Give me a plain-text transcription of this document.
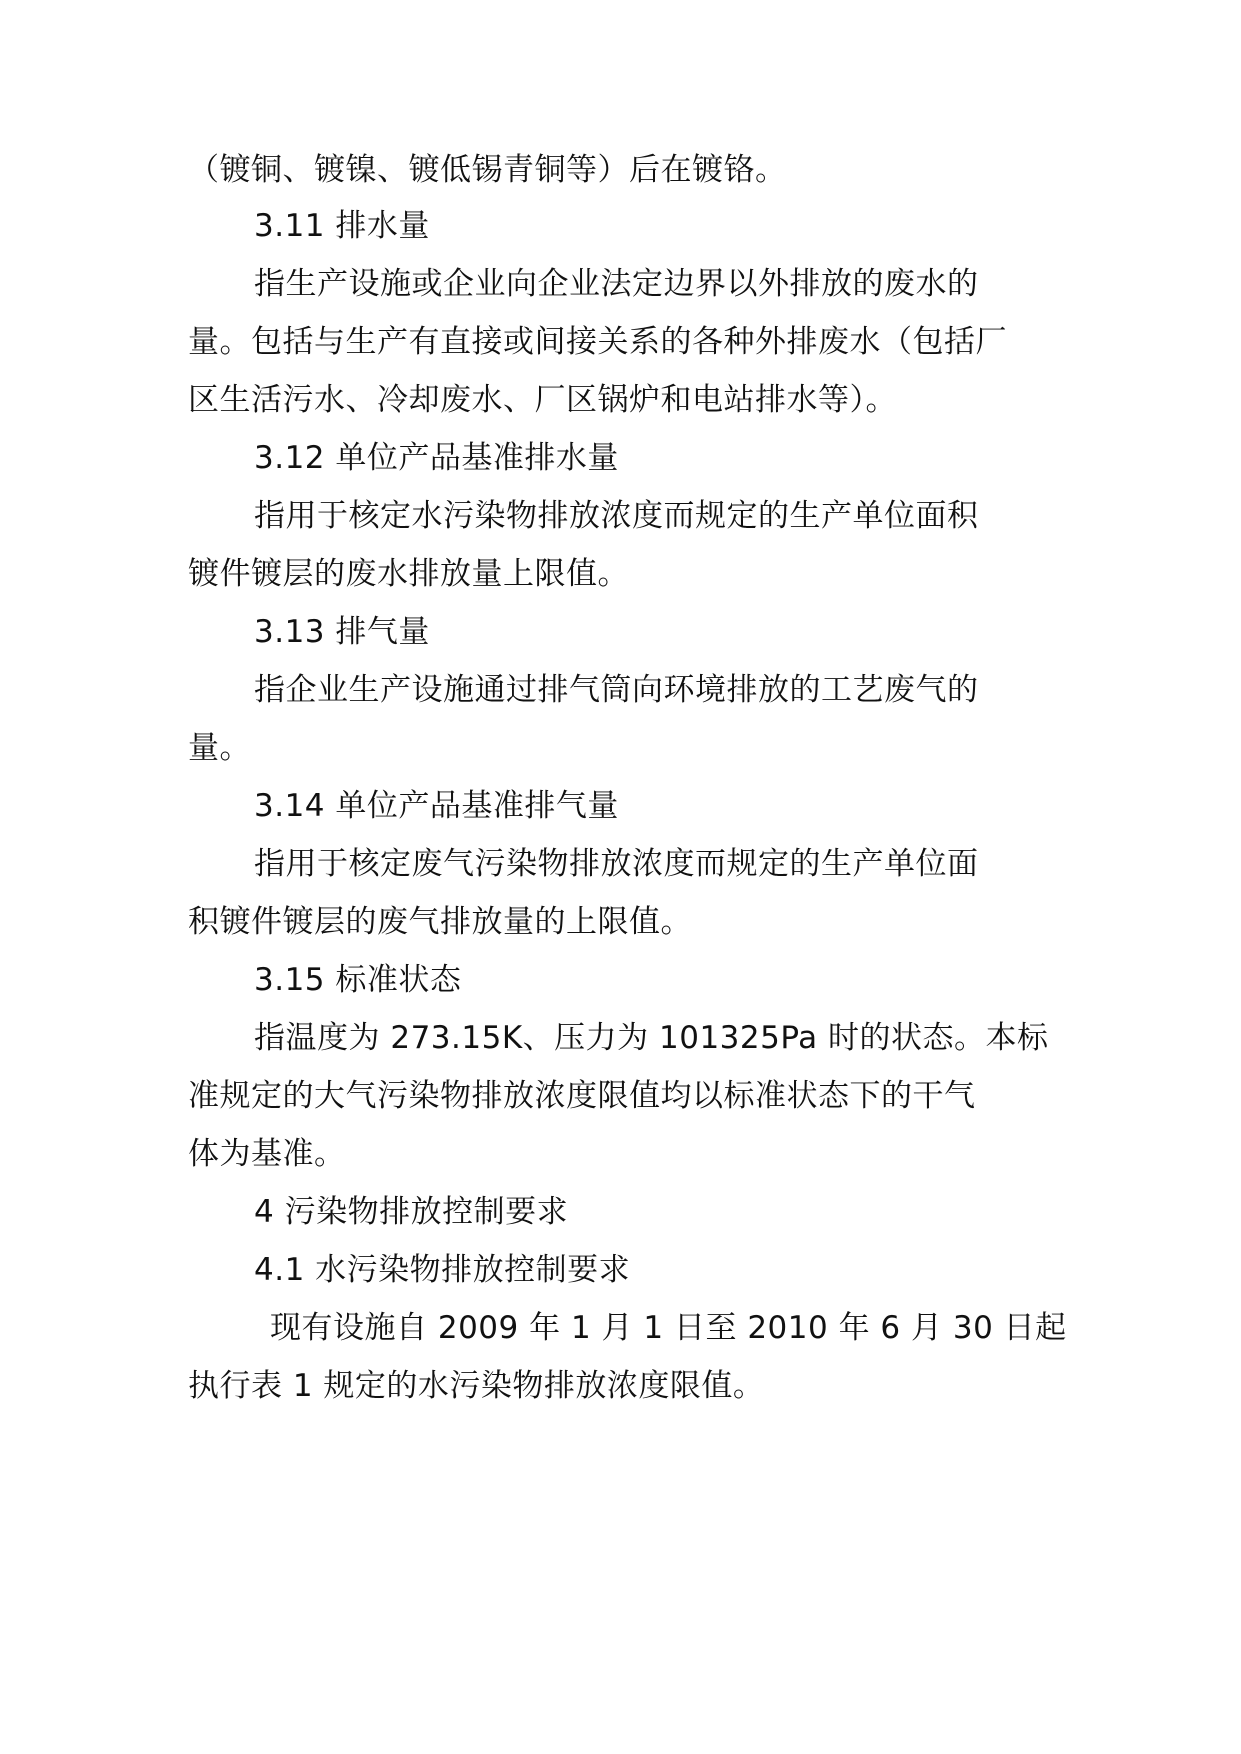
（镀铜、镀镍、镀低锡青铜等）后在镀铬。
3.11 排水量
指生产设施或企业向企业法定边界以外排放的废水的
量。包括与生产有直接或间接关系的各种外排废水（包括厂
区生活污水、冷却废水、厂区锅炉和电站排水等）。
3.12 单位产品基准排水量
指用于核定水污染物排放浓度而规定的生产单位面积
镀件镀层的废水排放量上限值。
3.13 排气量
指企业生产设施通过排气筒向环境排放的工艺废气的
量。
3.14 单位产品基准排气量
指用于核定废气污染物排放浓度而规定的生产单位面
积镀件镀层的废气排放量的上限值。
3.15 标准状态
指温度为 273.15K、压力为 101325Pa 时的状态。本标
准规定的大气污染物排放浓度限值均以标准状态下的干气
体为基准。
4 污染物排放控制要求
4.1 水污染物排放控制要求
现有设施自 2009 年 1 月 1 日至 2010 年 6 月 30 日起
执行表 1 规定的水污染物排放浓度限值。
